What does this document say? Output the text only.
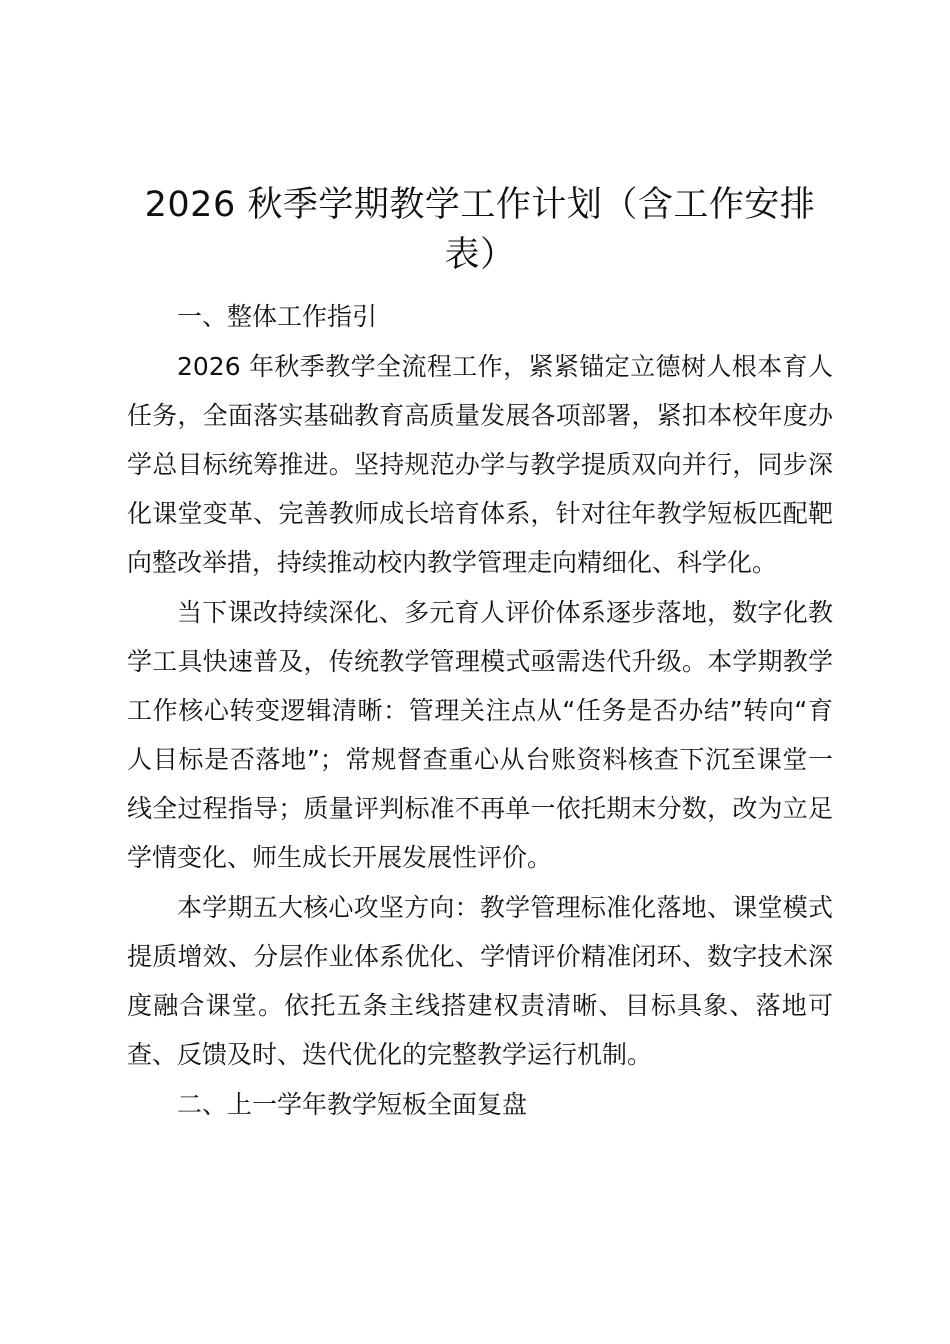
2026 秋季学期教学工作计划（含工作安排表）

一、整体工作指引

2026 年秋季教学全流程工作，紧紧锚定立德树人根本育人任务，全面落实基础教育高质量发展各项部署，紧扣本校年度办学总目标统筹推进。坚持规范办学与教学提质双向并行，同步深化课堂变革、完善教师成长培育体系，针对往年教学短板匹配靶向整改举措，持续推动校内教学管理走向精细化、科学化。

当下课改持续深化、多元育人评价体系逐步落地，数字化教学工具快速普及，传统教学管理模式亟需迭代升级。本学期教学工作核心转变逻辑清晰：管理关注点从“任务是否办结”转向“育人目标是否落地”；常规督查重心从台账资料核查下沉至课堂一线全过程指导；质量评判标准不再单一依托期末分数，改为立足学情变化、师生成长开展发展性评价。

本学期五大核心攻坚方向：教学管理标准化落地、课堂模式提质增效、分层作业体系优化、学情评价精准闭环、数字技术深度融合课堂。依托五条主线搭建权责清晰、目标具象、落地可查、反馈及时、迭代优化的完整教学运行机制。

二、上一学年教学短板全面复盘
